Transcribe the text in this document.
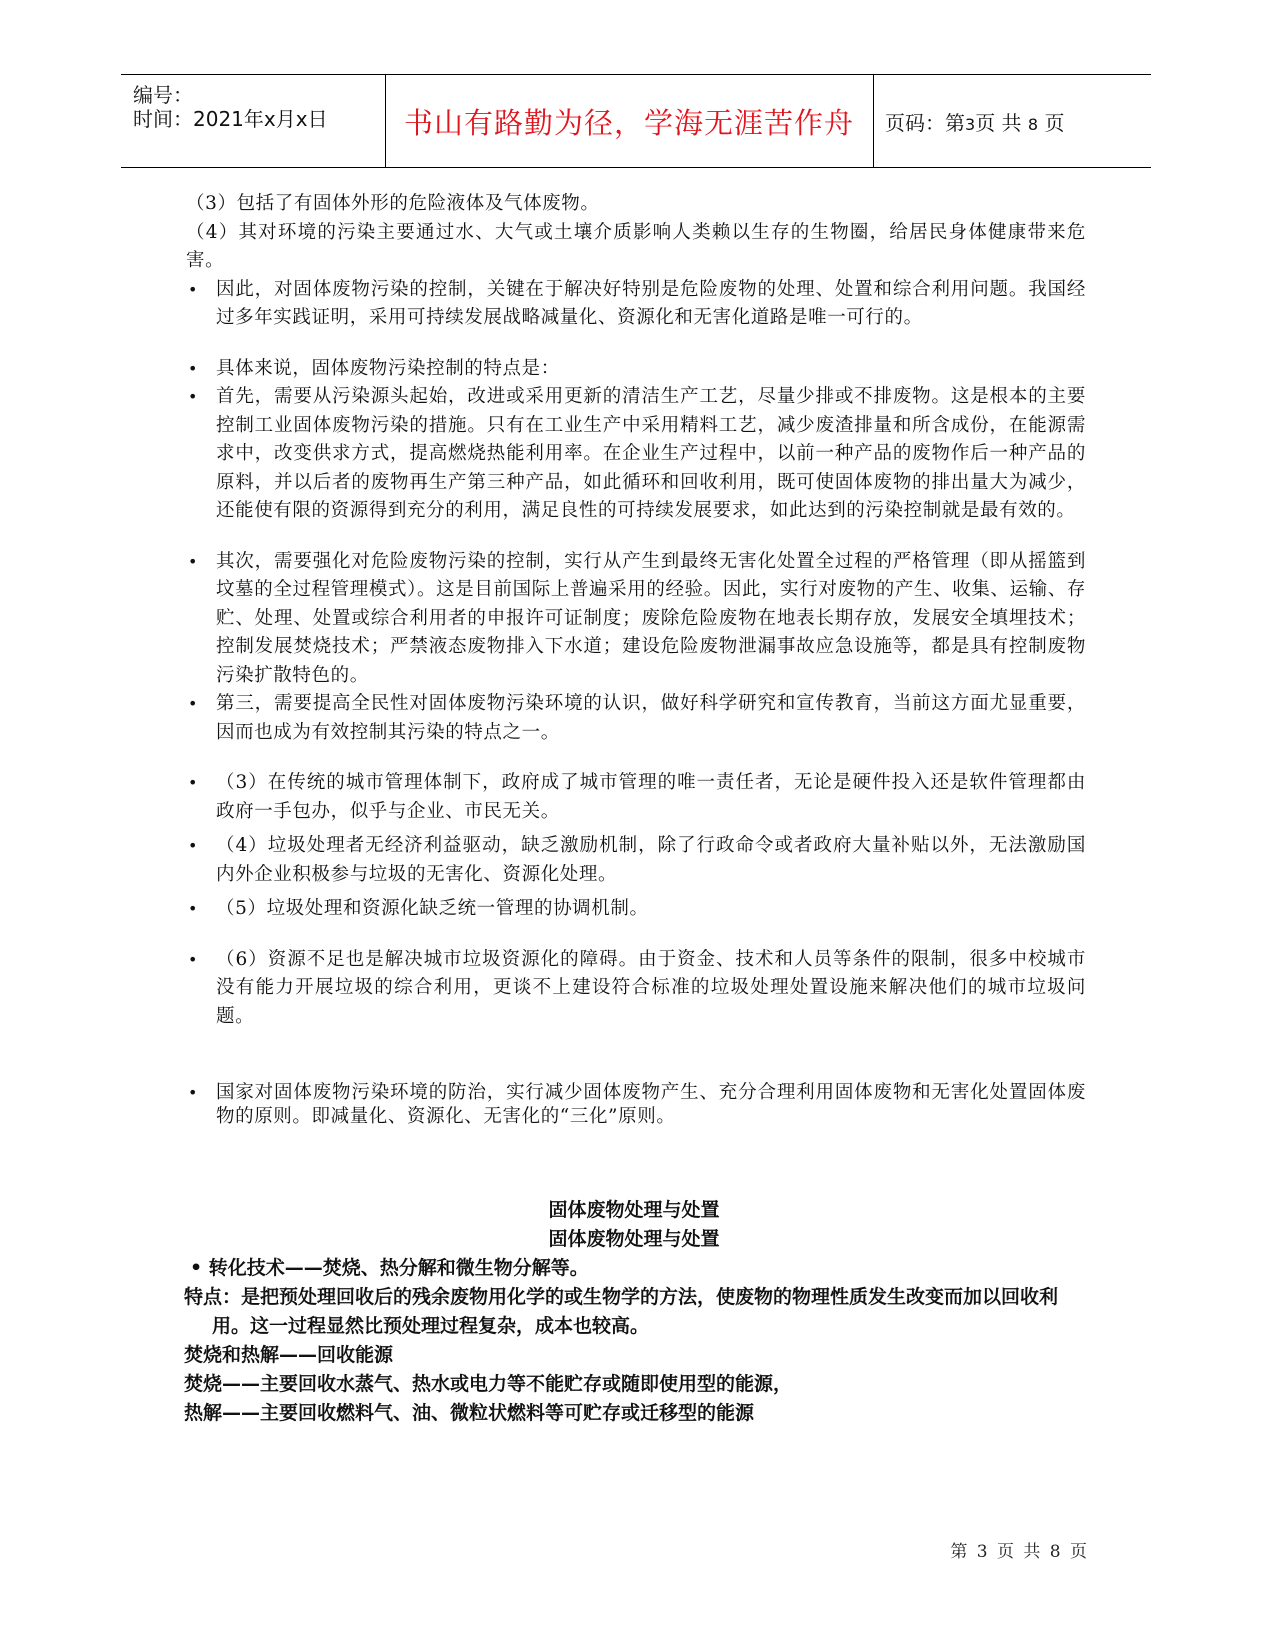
编号：
时间：2021年x月x日	书山有路勤为径，学海无涯苦作舟 页码：第3页 共 8 页

（3）包括了有固体外形的危险液体及气体废物。

（4）其对环境的污染主要通过水、大气或土壤介质影响人类赖以生存的生物圈，给居民身体健康带来危害。

• 因此，对固体废物污染的控制，关键在于解决好特别是危险废物的处理、处置和综合利用问题。我国经过多年实践证明，采用可持续发展战略减量化、资源化和无害化道路是唯一可行的。

• 具体来说，固体废物污染控制的特点是：

• 首先，需要从污染源头起始，改进或采用更新的清洁生产工艺，尽量少排或不排废物。这是根本的主要控制工业固体废物污染的措施。只有在工业生产中采用精料工艺，减少废渣排量和所含成份，在能源需求中，改变供求方式，提高燃烧热能利用率。在企业生产过程中，以前一种产品的废物作后一种产品的原料，并以后者的废物再生产第三种产品，如此循环和回收利用，既可使固体废物的排出量大为减少，还能使有限的资源得到充分的利用，满足良性的可持续发展要求，如此达到的污染控制就是最有效的。

• 其次，需要强化对危险废物污染的控制，实行从产生到最终无害化处置全过程的严格管理（即从摇篮到坟墓的全过程管理模式）。这是目前国际上普遍采用的经验。因此，实行对废物的产生、收集、运输、存贮、处理、处置或综合利用者的申报许可证制度；废除危险废物在地表长期存放，发展安全填埋技术；控制发展焚烧技术；严禁液态废物排入下水道；建设危险废物泄漏事故应急设施等，都是具有控制废物污染扩散特色的。

• 第三，需要提高全民性对固体废物污染环境的认识，做好科学研究和宣传教育，当前这方面尤显重要，因而也成为有效控制其污染的特点之一。

• （3）在传统的城市管理体制下，政府成了城市管理的唯一责任者，无论是硬件投入还是软件管理都由政府一手包办，似乎与企业、市民无关。

• （4）垃圾处理者无经济利益驱动，缺乏激励机制，除了行政命令或者政府大量补贴以外，无法激励国内外企业积极参与垃圾的无害化、资源化处理。

• （5）垃圾处理和资源化缺乏统一管理的协调机制。

• （6）资源不足也是解决城市垃圾资源化的障碍。由于资金、技术和人员等条件的限制，很多中校城市没有能力开展垃圾的综合利用，更谈不上建设符合标准的垃圾处理处置设施来解决他们的城市垃圾问题。

• 国家对固体废物污染环境的防治，实行减少固体废物产生、充分合理利用固体废物和无害化处置固体废物的原则。即减量化、资源化、无害化的“三化”原则。

固体废物处理与处置
固体废物处理与处置
• 转化技术——焚烧、热分解和微生物分解等。
特点：是把预处理回收后的残余废物用化学的或生物学的方法，使废物的物理性质发生改变而加以回收利用。这一过程显然比预处理过程复杂，成本也较高。
焚烧和热解——回收能源
焚烧——主要回收水蒸气、热水或电力等不能贮存或随即使用型的能源，
热解——主要回收燃料气、油、微粒状燃料等可贮存或迁移型的能源
第 3 页 共 8 页
